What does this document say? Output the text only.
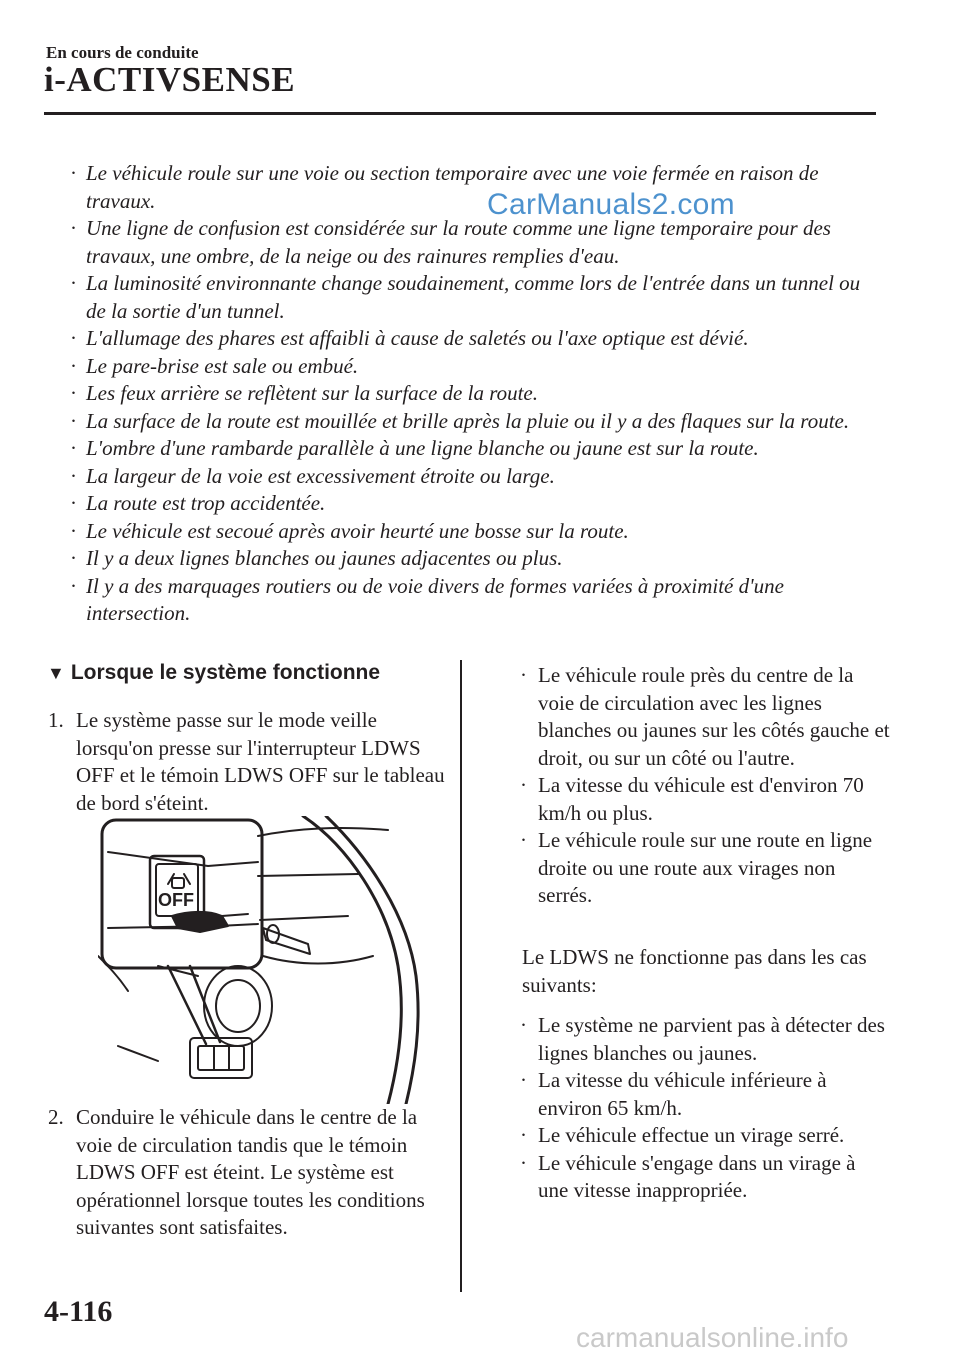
En cours de conduite
i-ACTIVSENSE
· Le véhicule roule sur une voie ou section temporaire avec une voie fermée en raison de travaux.
· Une ligne de confusion est considérée sur la route comme une ligne temporaire pour des travaux, une ombre, de la neige ou des rainures remplies d'eau.
· La luminosité environnante change soudainement, comme lors de l'entrée dans un tunnel ou de la sortie d'un tunnel.
· L'allumage des phares est affaibli à cause de saletés ou l'axe optique est dévié.
· Le pare-brise est sale ou embué.
· Les feux arrière se reflètent sur la surface de la route.
· La surface de la route est mouillée et brille après la pluie ou il y a des flaques sur la route.
· L'ombre d'une rambarde parallèle à une ligne blanche ou jaune est sur la route.
· La largeur de la voie est excessivement étroite ou large.
· La route est trop accidentée.
· Le véhicule est secoué après avoir heurté une bosse sur la route.
· Il y a deux lignes blanches ou jaunes adjacentes ou plus.
· Il y a des marquages routiers ou de voie divers de formes variées à proximité d'une intersection.
CarManuals2.com
▼ Lorsque le système fonctionne
1. Le système passe sur le mode veille lorsqu'on presse sur l'interrupteur LDWS OFF et le témoin LDWS OFF sur le tableau de bord s'éteint.
OFF
2. Conduire le véhicule dans le centre de la voie de circulation tandis que le témoin LDWS OFF est éteint. Le système est opérationnel lorsque toutes les conditions suivantes sont satisfaites.
· Le véhicule roule près du centre de la voie de circulation avec les lignes blanches ou jaunes sur les côtés gauche et droit, ou sur un côté ou l'autre.
· La vitesse du véhicule est d'environ 70 km/h ou plus.
· Le véhicule roule sur une route en ligne droite ou une route aux virages non serrés.
Le LDWS ne fonctionne pas dans les cas suivants:
· Le système ne parvient pas à détecter des lignes blanches ou jaunes.
· La vitesse du véhicule inférieure à environ 65 km/h.
· Le véhicule effectue un virage serré.
· Le véhicule s'engage dans un virage à une vitesse inappropriée.
4-116
carmanualsonline.info
